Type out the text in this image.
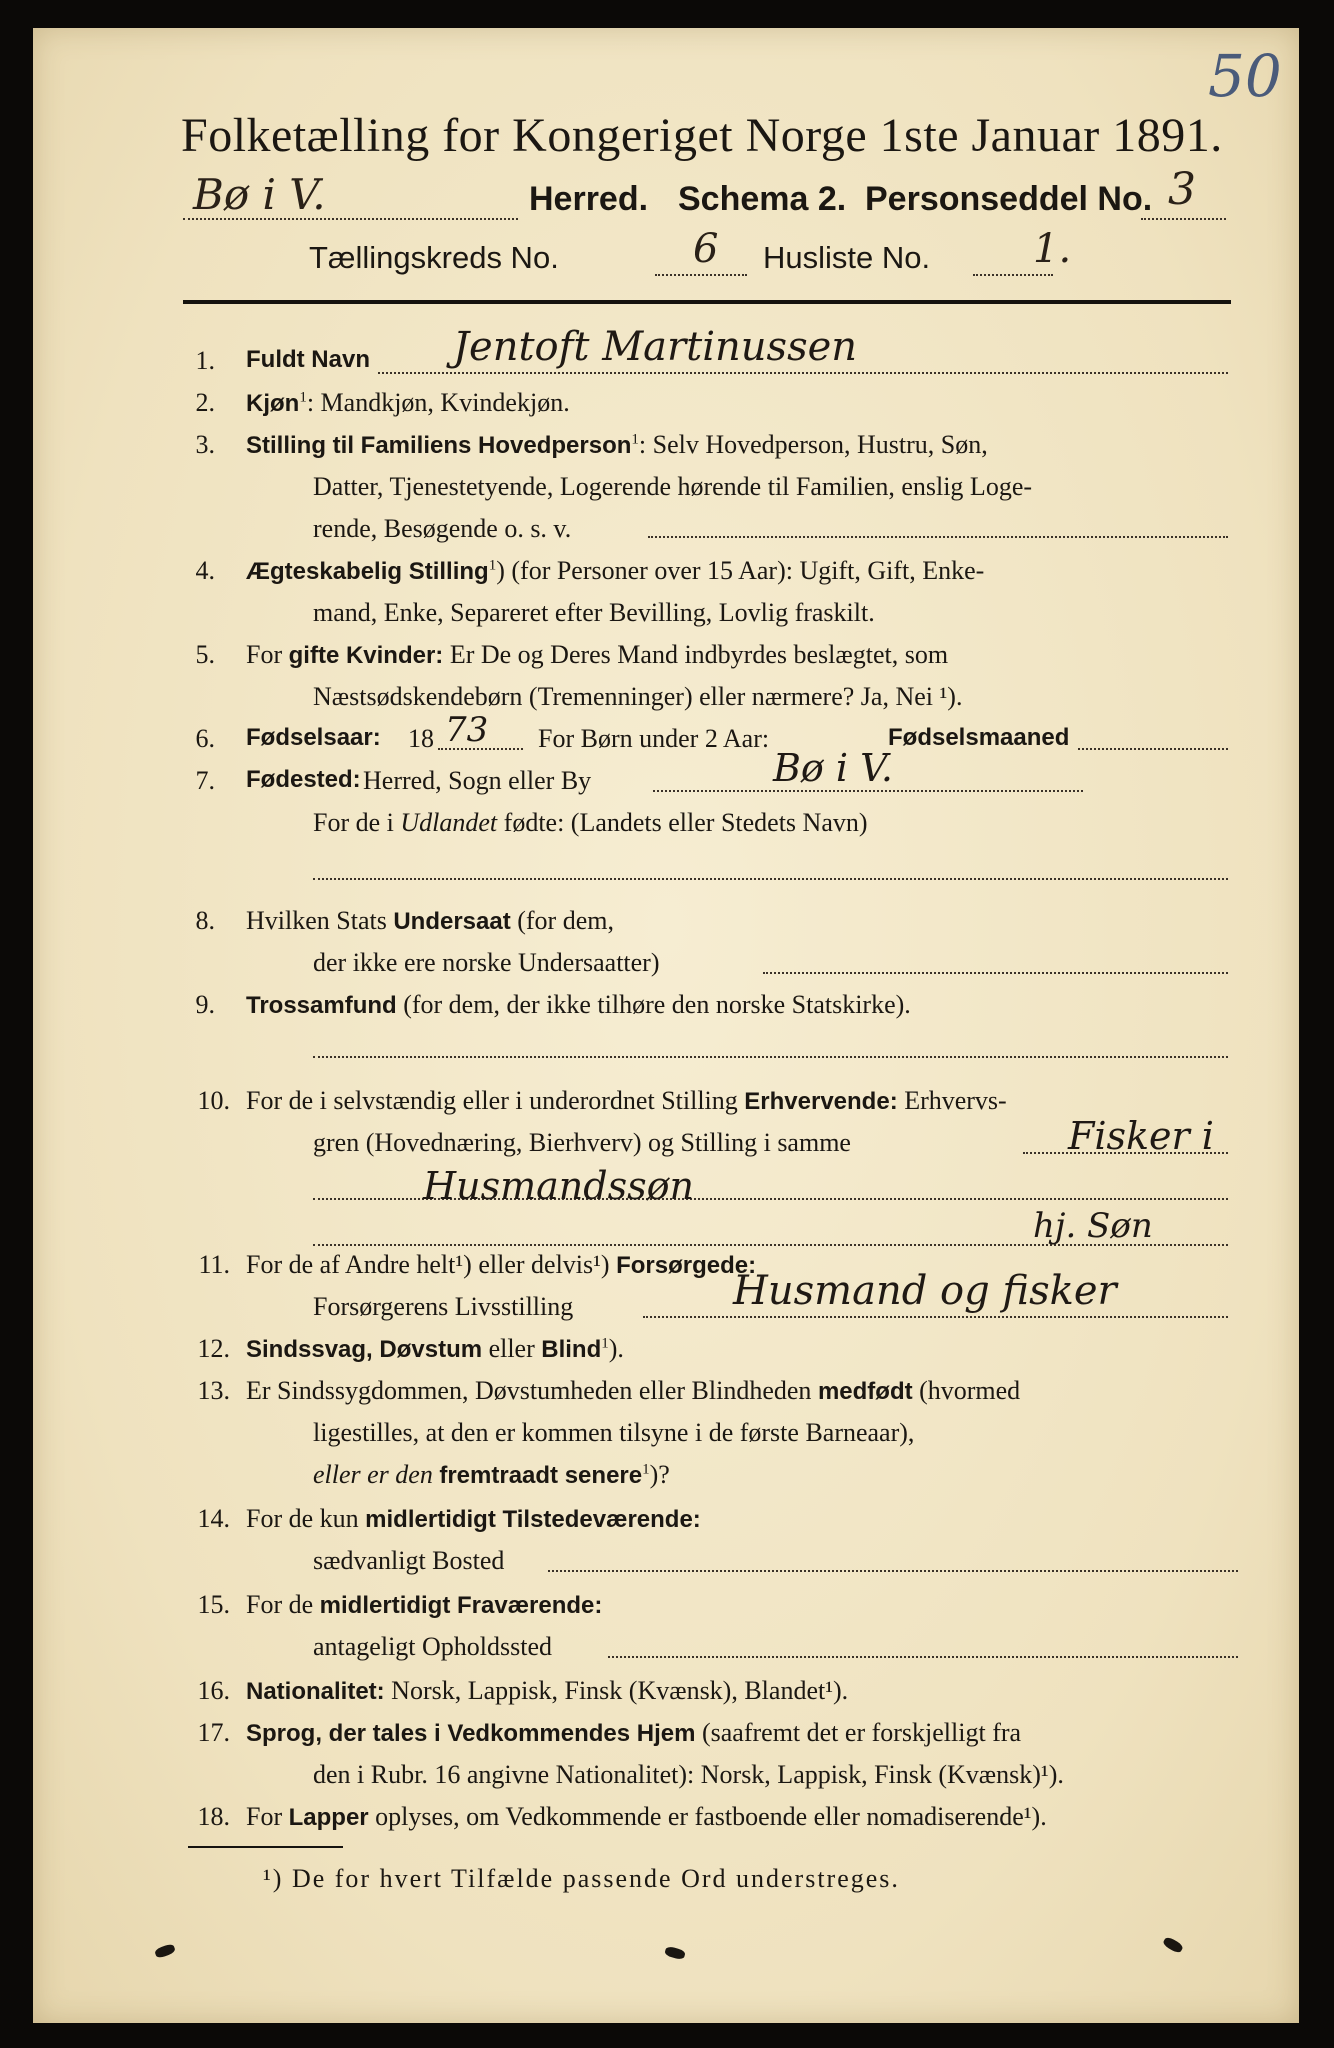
50
Folketælling for Kongeriget Norge 1ste Januar 1891.
Bø i V.	Herred. Schema 2. Personseddel No. 3
Tællingskreds No.	6 Husliste No.	1.
1. Fuldt Navn Jentoft Martinussen
2. Kjøn$^1$: Mandkjøn, Kvindekjøn.
3. Stilling til Familiens Hovedperson$^1$: Selv Hovedperson, Hustru, Søn,
Datter, Tjenestetyende, Logerende hørende til Familien, enslig Loge-
rende, Besøgende o. s. v.
4. Ægteskabelig Stilling$^1$) (for Personer over 15 Aar): Ugift, Gift, Enke-
mand, Enke, Separeret efter Bevilling, Lovlig fraskilt.
5. For gifte Kvinder: Er De og Deres Mand indbyrdes beslægtet, som
Næstsødskendebørn (Tremenninger) eller nærmere? Ja, Nei ¹).
6. Fødselsaar: 18 73 For Børn under 2 Aar:	Fødselsmaaned
7. Fødested: Herred, Sogn eller By	Bø i V.
For de i Udlandet fødte: (Landets eller Stedets Navn)
8. Hvilken Stats Undersaat (for dem,
der ikke ere norske Undersaatter)
9. Trossamfund (for dem, der ikke tilhøre den norske Statskirke).
10. For de i selvstændig eller i underordnet Stilling Erhvervende: Erhvervs-
gren (Hovednæring, Bierhverv) og Stilling i samme	Fisker i
Husmandssøn
hj. Søn
11. For de af Andre helt¹) eller delvis¹) Forsørgede:
Forsørgerens Livsstilling	Husmand og fisker
12. Sindssvag, Døvstum eller Blind$^1$).
13. Er Sindssygdommen, Døvstumheden eller Blindheden medfødt (hvormed
ligestilles, at den er kommen tilsyne i de første Barneaar),
eller er den fremtraadt senere$^1$)?
14. For de kun midlertidigt Tilstedeværende:
sædvanligt Bosted
15. For de midlertidigt Fraværende:
antageligt Opholdssted
16. Nationalitet: Norsk, Lappisk, Finsk (Kvænsk), Blandet¹).
17. Sprog, der tales i Vedkommendes Hjem (saafremt det er forskjelligt fra
den i Rubr. 16 angivne Nationalitet): Norsk, Lappisk, Finsk (Kvænsk)¹).
18. For Lapper oplyses, om Vedkommende er fastboende eller nomadiserende¹).
¹) De for hvert Tilfælde passende Ord understreges.
